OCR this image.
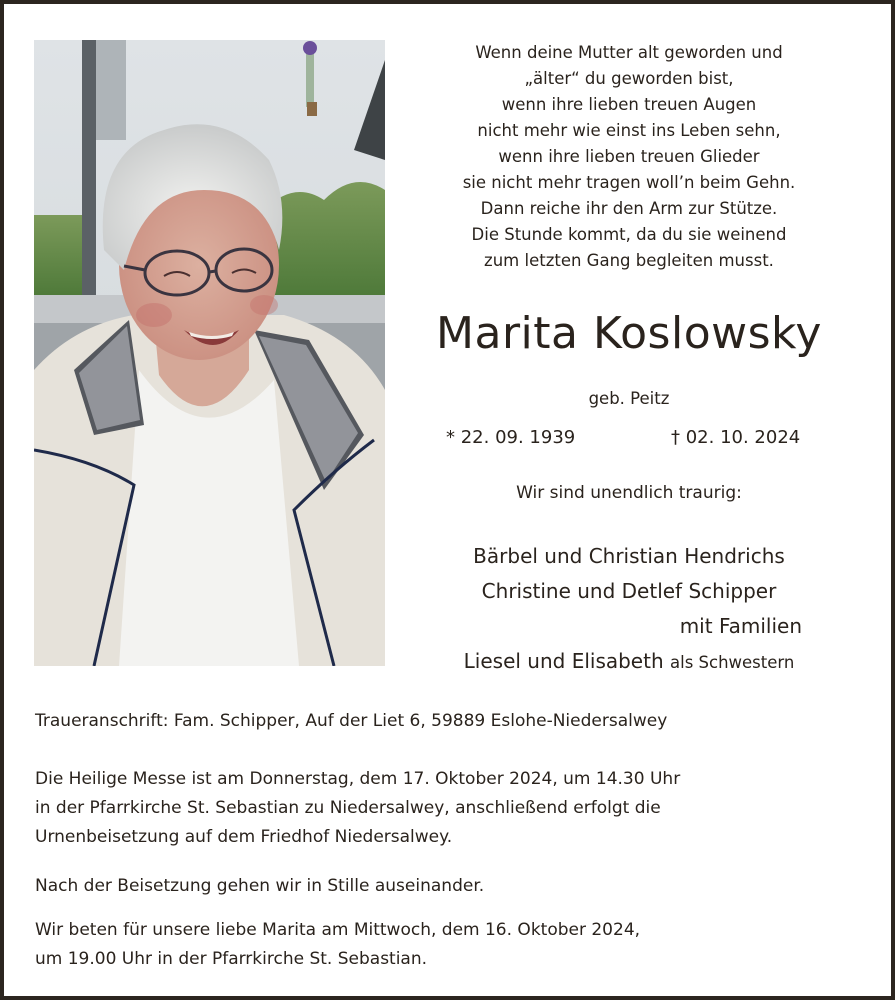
Wenn deine Mutter alt geworden und
„älter“ du geworden bist,
wenn ihre lieben treuen Augen
nicht mehr wie einst ins Leben sehn,
wenn ihre lieben treuen Glieder
sie nicht mehr tragen woll’n beim Gehn.
Dann reiche ihr den Arm zur Stütze.
Die Stunde kommt, da du sie weinend
zum letzten Gang begleiten musst.
Marita Koslowsky
geb. Peitz
* 22. 09. 1939	† 02. 10. 2024
Wir sind unendlich traurig:
Bärbel und Christian Hendrichs
Christine und Detlef Schipper
mit Familien
Liesel und Elisabeth als Schwestern
Traueranschrift: Fam. Schipper, Auf der Liet 6, 59889 Eslohe-Niedersalwey
Die Heilige Messe ist am Donnerstag, dem 17. Oktober 2024, um 14.30 Uhr
in der Pfarrkirche St. Sebastian zu Niedersalwey, anschließend erfolgt die
Urnenbeisetzung auf dem Friedhof Niedersalwey.
Nach der Beisetzung gehen wir in Stille auseinander.
Wir beten für unsere liebe Marita am Mittwoch, dem 16. Oktober 2024,
um 19.00 Uhr in der Pfarrkirche St. Sebastian.
